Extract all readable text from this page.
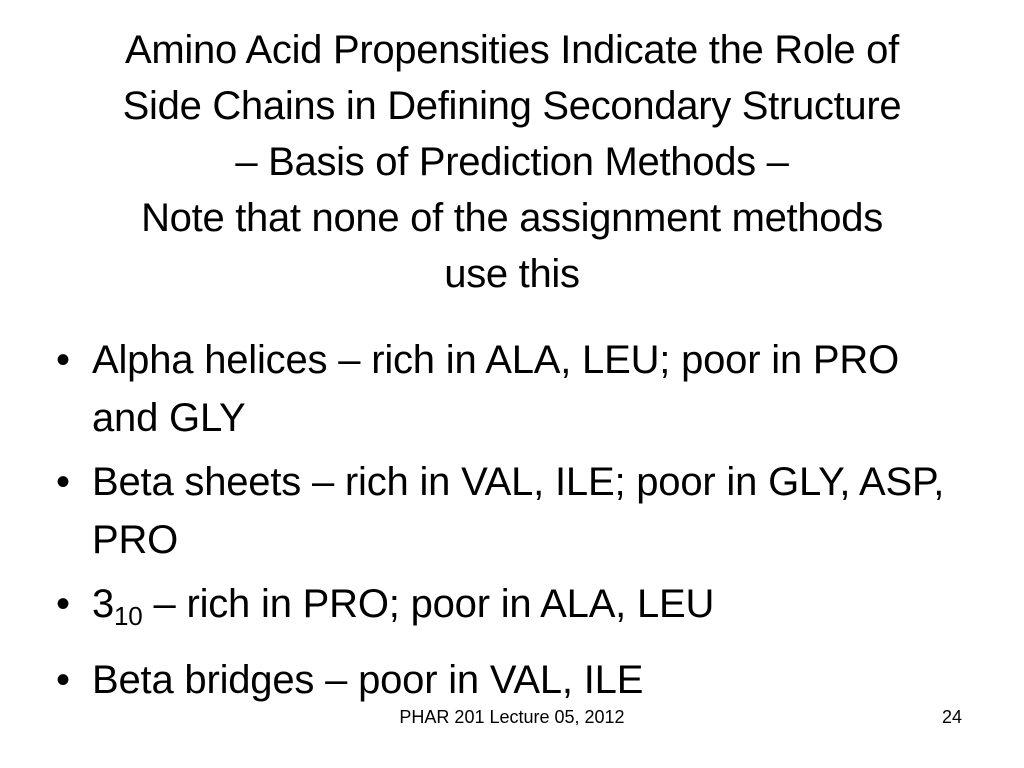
Amino Acid Propensities Indicate the Role of
Side Chains in Defining Secondary Structure
– Basis of Prediction Methods –
Note that none of the assignment methods
use this
• Alpha helices – rich in ALA, LEU; poor in PRO and GLY
• Beta sheets – rich in VAL, ILE; poor in GLY, ASP, PRO
• $3_{10}$ – rich in PRO; poor in ALA, LEU
• Beta bridges – poor in VAL, ILE
PHAR 201 Lecture 05, 2012	24
